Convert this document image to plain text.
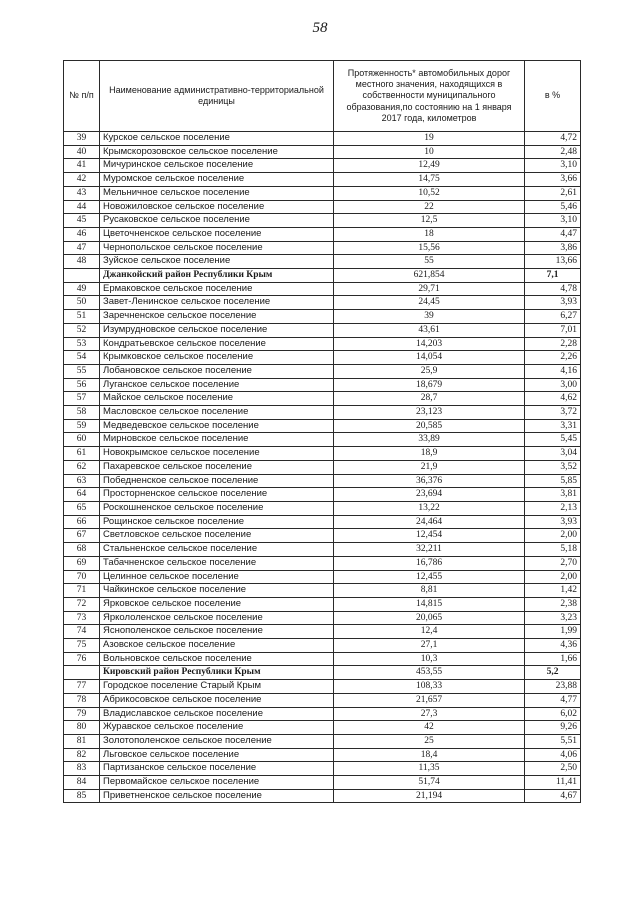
58
№ п/п	Наименование административно-территориальной единицы	Протяженность* автомобильных дорог местного значения, находящихся в собственности муниципального образования,по состоянию на 1 января 2017 года, километров	в %
39	Курское сельское поселение	19	4,72
40	Крымскорозовское сельское поселение	10	2,48
41	Мичуринское сельское поселение	12,49	3,10
42	Муромское сельское поселение	14,75	3,66
43	Мельничное сельское поселение	10,52	2,61
44	Новожиловское сельское поселение	22	5,46
45	Русаковское сельское поселение	12,5	3,10
46	Цветочненское сельское поселение	18	4,47
47	Чернопольское сельское поселение	15,56	3,86
48	Зуйское сельское поселение	55	13,66
	Джанкойский район Республики Крым	621,854	7,1
49	Ермаковское сельское поселение	29,71	4,78
50	Завет-Ленинское сельское поселение	24,45	3,93
51	Заречненское сельское поселение	39	6,27
52	Изумрудновское сельское поселение	43,61	7,01
53	Кондратьевское сельское поселение	14,203	2,28
54	Крымковское сельское поселение	14,054	2,26
55	Лобановское сельское поселение	25,9	4,16
56	Луганское сельское поселение	18,679	3,00
57	Майское сельское поселение	28,7	4,62
58	Масловское сельское поселение	23,123	3,72
59	Медведевское сельское поселение	20,585	3,31
60	Мирновское сельское поселение	33,89	5,45
61	Новокрымское сельское поселение	18,9	3,04
62	Пахаревское сельское поселение	21,9	3,52
63	Победненское сельское поселение	36,376	5,85
64	Просторненское сельское поселение	23,694	3,81
65	Роскошненское сельское поселение	13,22	2,13
66	Рощинское сельское поселение	24,464	3,93
67	Светловское сельское поселение	12,454	2,00
68	Стальненское сельское поселение	32,211	5,18
69	Табачненское сельское поселение	16,786	2,70
70	Целинное сельское поселение	12,455	2,00
71	Чайкинское сельское поселение	8,81	1,42
72	Ярковское сельское поселение	14,815	2,38
73	Яркололенское сельское поселение	20,065	3,23
74	Яснополенское сельское поселение	12,4	1,99
75	Азовское сельское поселение	27,1	4,36
76	Вольновское сельское поселение	10,3	1,66
	Кировский район Республики Крым	453,55	5,2
77	Городское поселение Старый Крым	108,33	23,88
78	Абрикосовское сельское поселение	21,657	4,77
79	Владиславское сельское поселение	27,3	6,02
80	Журавское сельское поселение	42	9,26
81	Золотополенское сельское поселение	25	5,51
82	Льговское сельское поселение	18,4	4,06
83	Партизанское сельское поселение	11,35	2,50
84	Первомайское сельское поселение	51,74	11,41
85	Приветненское сельское поселение	21,194	4,67
